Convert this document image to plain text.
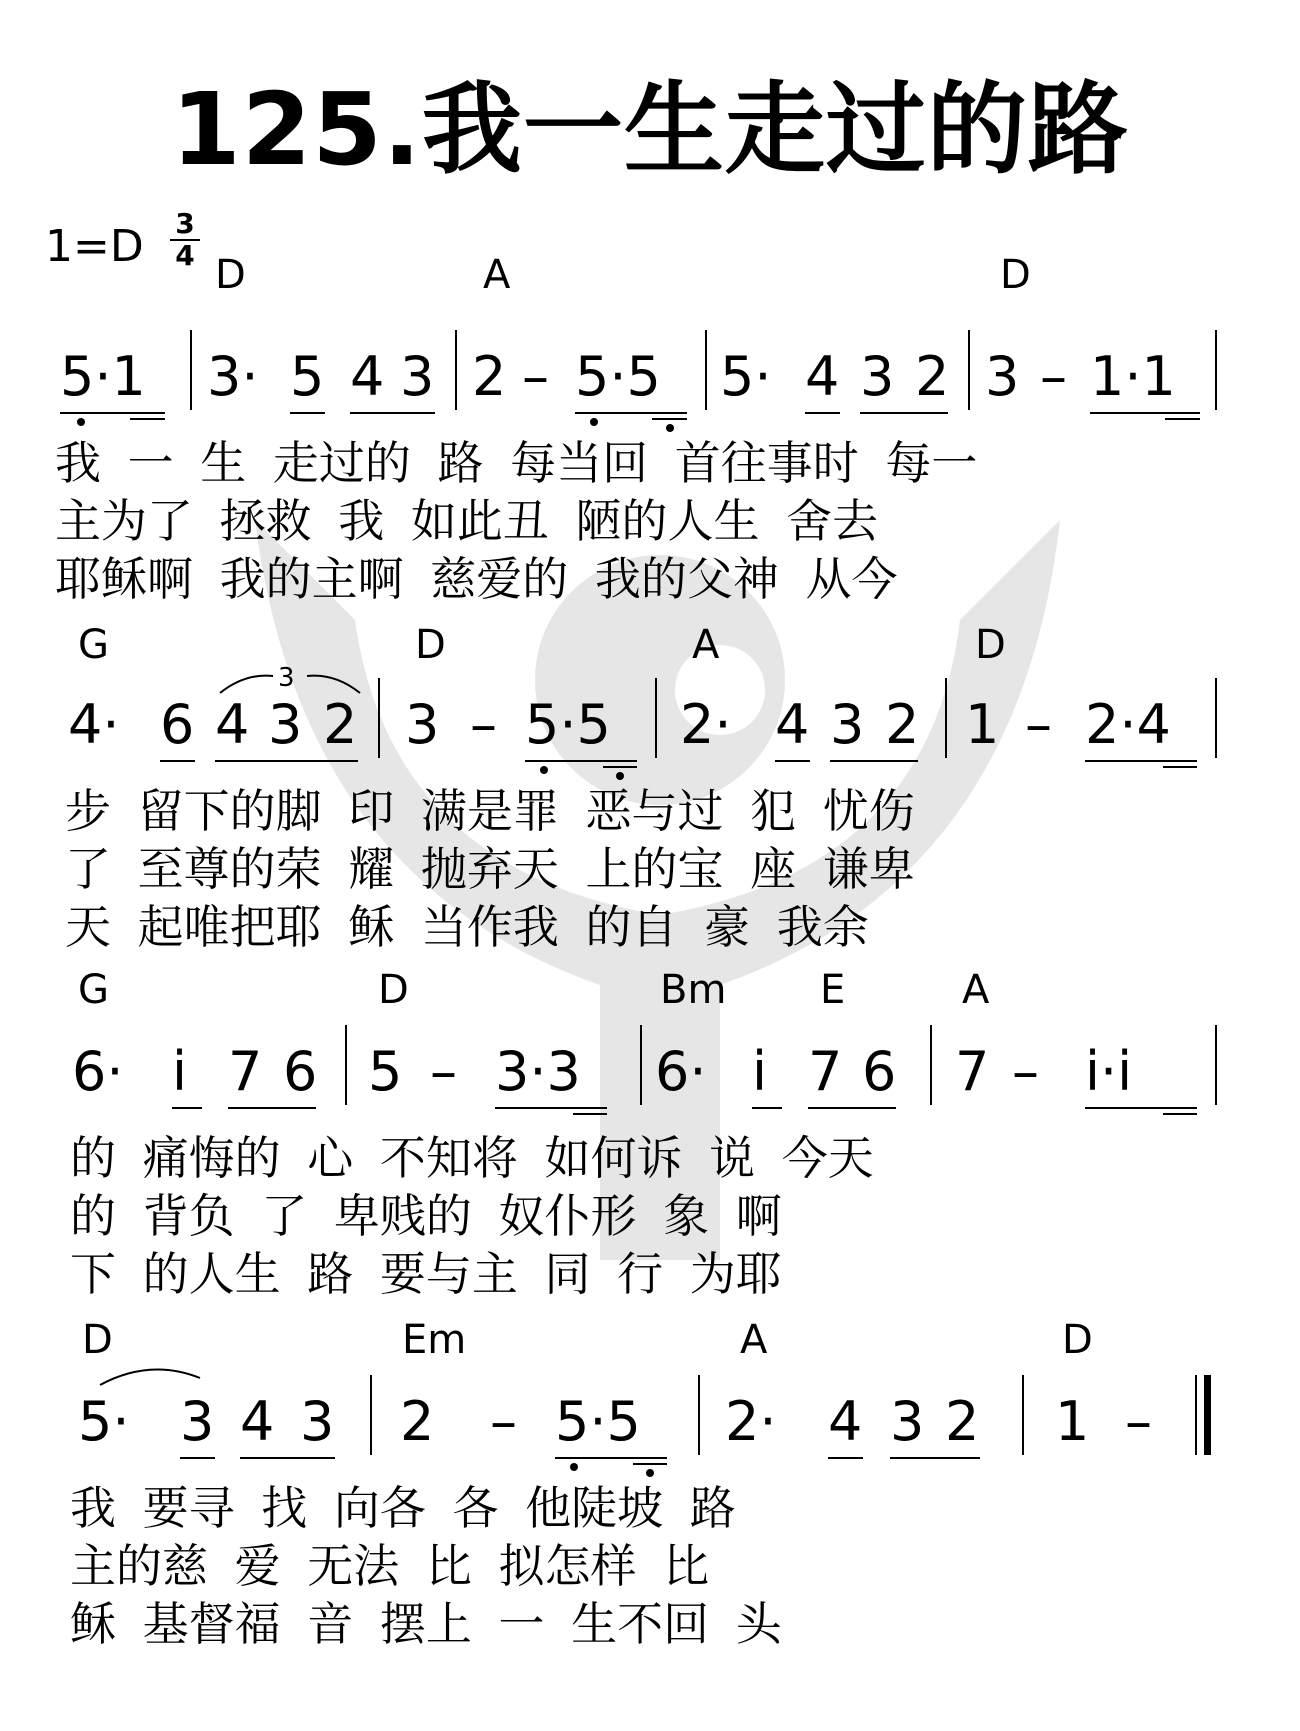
125.我一生走过的路
1=D 3
4 D	A	D
5·1 3· 5 4 3 2 – 5·5 5· 4 3 2 3 – 1·1
我 一 生 走过的 路 每当回 首往事时 每一
主为了 拯救 我 如此丑 陋的人生 舍去
耶稣啊 我的主啊 慈爱的 我的父神 从今
G	D	A	D
3
4· 6 4 3 2 3 – 5·5 2· 4 3 2 1 – 2·4
步 留下的脚 印 满是罪 恶与过 犯 忧伤
了 至尊的荣 耀 抛弃天 上的宝 座 谦卑
天 起唯把耶 稣 当作我 的自 豪 我余
G	D	Bm E	A
6· i 7 6 5 – 3·3 6· i 7 6 7 – i·i
的 痛悔的 心 不知将 如何诉 说 今天
的 背负 了 卑贱的 奴仆形 象 啊
下 的人生 路 要与主 同 行 为耶
D	Em	A	D
5· 3 4 3 2 – 5·5 2· 4 3 2 1 –
我 要寻 找 向各 各 他陡坡 路
主的慈 爱 无法 比 拟怎样 比
稣 基督福 音 摆上 一 生不回 头
